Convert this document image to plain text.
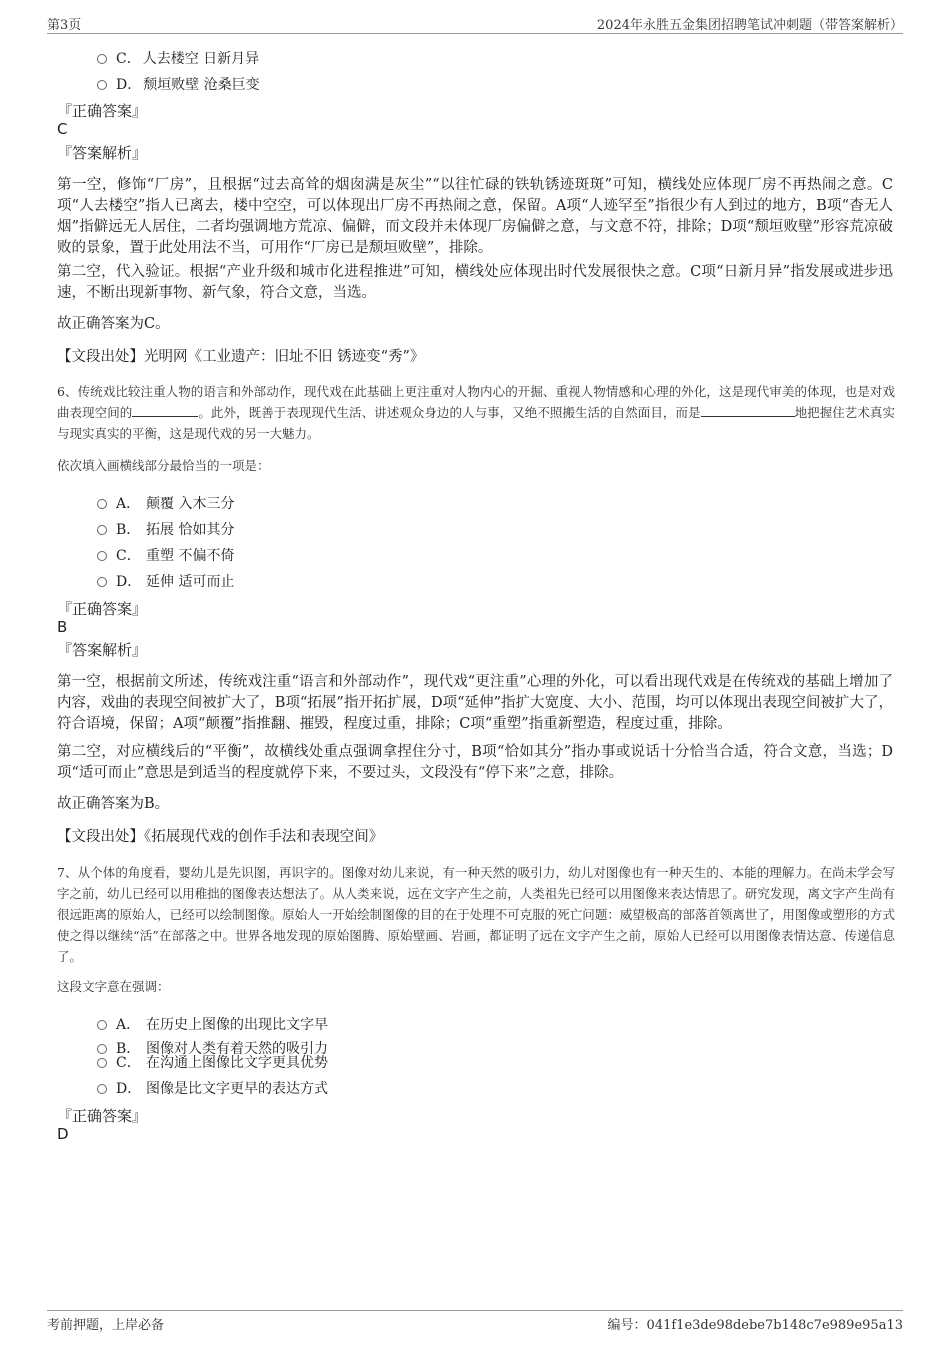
第3页	2024年永胜五金集团招聘笔试冲刺题（带答案解析）
C． 人去楼空 日新月异
D． 颓垣败壁 沧桑巨变
『正确答案』
C
『答案解析』
第一空，修饰“厂房”，且根据“过去高耸的烟囱满是灰尘”“以往忙碌的铁轨锈迹斑斑”可知，横线处应体现厂房不再热闹之意。C项“人去楼空”指人已离去，楼中空空，可以体现出厂房不再热闹之意，保留。A项“人迹罕至”指很少有人到过的地方，B项“杳无人烟”指僻远无人居住，二者均强调地方荒凉、偏僻，而文段并未体现厂房偏僻之意，与文意不符，排除；D项“颓垣败壁”形容荒凉破败的景象，置于此处用法不当，可用作“厂房已是颓垣败壁”，排除。
第二空，代入验证。根据“产业升级和城市化进程推进”可知，横线处应体现出时代发展很快之意。C项“日新月异”指发展或进步迅速，不断出现新事物、新气象，符合文意，当选。
故正确答案为C。
【文段出处】光明网《工业遗产：旧址不旧 锈迹变“秀”》
6、传统戏比较注重人物的语言和外部动作，现代戏在此基础上更注重对人物内心的开掘、重视人物情感和心理的外化，这是现代审美的体现，也是对戏曲表现空间的	。此外，既善于表现现代生活、讲述观众身边的人与事，又绝不照搬生活的自然面目，而是	地把握住艺术真实与现实真实的平衡，这是现代戏的另一大魅力。
依次填入画横线部分最恰当的一项是：
A． 颠覆 入木三分
B． 拓展 恰如其分
C． 重塑 不偏不倚
D． 延伸 适可而止
『正确答案』
B
『答案解析』
第一空，根据前文所述，传统戏注重“语言和外部动作”，现代戏“更注重”心理的外化，可以看出现代戏是在传统戏的基础上增加了内容，戏曲的表现空间被扩大了，B项“拓展”指开拓扩展，D项“延伸”指扩大宽度、大小、范围，均可以体现出表现空间被扩大了，符合语境，保留；A项“颠覆”指推翻、摧毁，程度过重，排除；C项“重塑”指重新塑造，程度过重，排除。
第二空，对应横线后的“平衡”，故横线处重点强调拿捏住分寸，B项“恰如其分”指办事或说话十分恰当合适，符合文意，当选；D项“适可而止”意思是到适当的程度就停下来，不要过头，文段没有“停下来”之意，排除。
故正确答案为B。
【文段出处】《拓展现代戏的创作手法和表现空间》
7、从个体的角度看，婴幼儿是先识图，再识字的。图像对幼儿来说，有一种天然的吸引力，幼儿对图像也有一种天生的、本能的理解力。在尚未学会写字之前，幼儿已经可以用稚拙的图像表达想法了。从人类来说，远在文字产生之前，人类祖先已经可以用图像来表达情思了。研究发现，离文字产生尚有很远距离的原始人，已经可以绘制图像。原始人一开始绘制图像的目的在于处理不可克服的死亡问题：威望极高的部落首领离世了，用图像或塑形的方式使之得以继续“活”在部落之中。世界各地发现的原始图腾、原始壁画、岩画，都证明了远在文字产生之前，原始人已经可以用图像表情达意、传递信息了。
这段文字意在强调：
A． 在历史上图像的出现比文字早
B． 图像对人类有着天然的吸引力
C． 在沟通上图像比文字更具优势
D． 图像是比文字更早的表达方式
『正确答案』
D
考前押题，上岸必备	编号：041f1e3de98debe7b148c7e989e95a13
